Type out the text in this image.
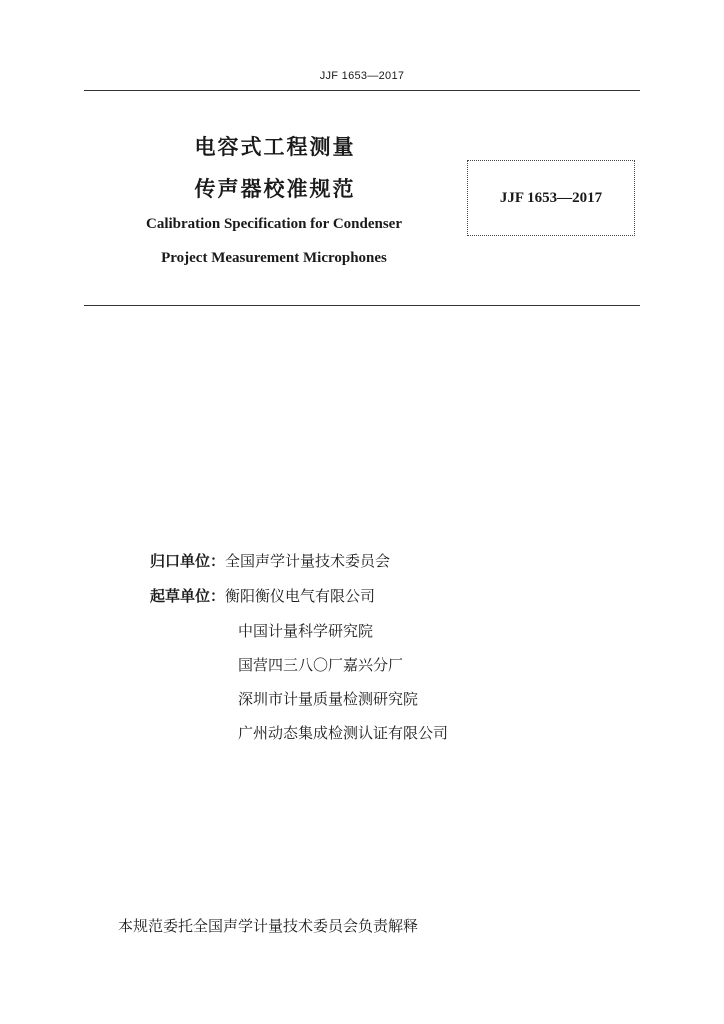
JJF 1653—2017
电容式工程测量
传声器校准规范
Calibration Specification for Condenser
Project Measurement Microphones
JJF 1653—2017
归口单位：全国声学计量技术委员会
起草单位：衡阳衡仪电气有限公司
中国计量科学研究院
国营四三八〇厂嘉兴分厂
深圳市计量质量检测研究院
广州动态集成检测认证有限公司
本规范委托全国声学计量技术委员会负责解释
